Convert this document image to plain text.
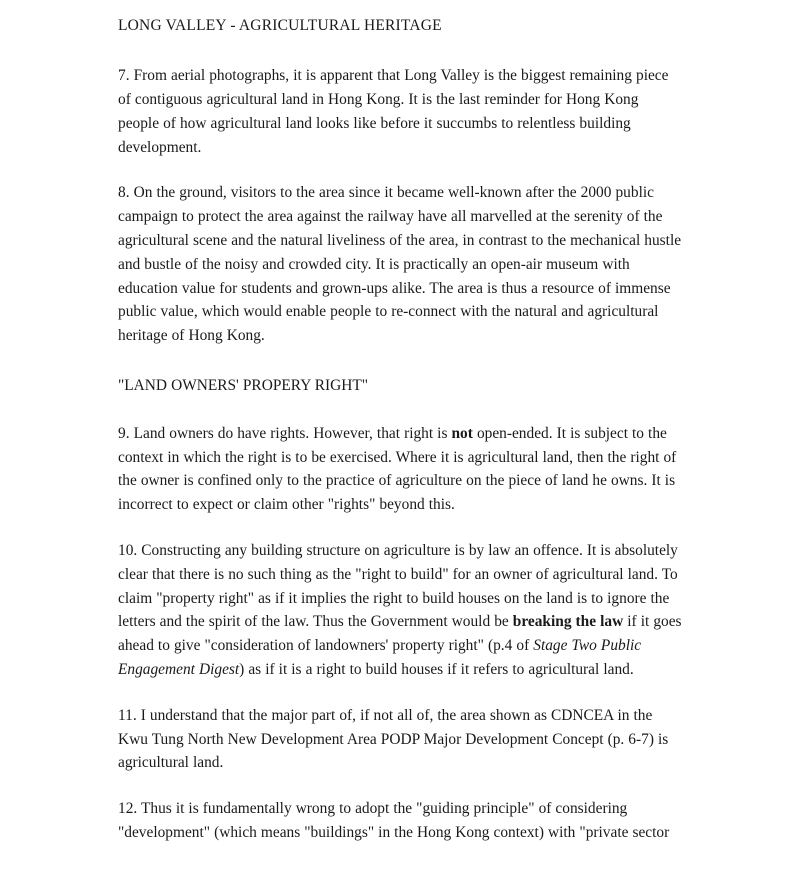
LONG VALLEY - AGRICULTURAL HERITAGE

7. From aerial photographs, it is apparent that Long Valley is the biggest remaining piece of contiguous agricultural land in Hong Kong. It is the last reminder for Hong Kong people of how agricultural land looks like before it succumbs to relentless building development.

8. On the ground, visitors to the area since it became well-known after the 2000 public campaign to protect the area against the railway have all marvelled at the serenity of the agricultural scene and the natural liveliness of the area, in contrast to the mechanical hustle and bustle of the noisy and crowded city. It is practically an open-air museum with education value for students and grown-ups alike. The area is thus a resource of immense public value, which would enable people to re-connect with the natural and agricultural heritage of Hong Kong.

"LAND OWNERS' PROPERY RIGHT"

9. Land owners do have rights. However, that right is not open-ended. It is subject to the context in which the right is to be exercised. Where it is agricultural land, then the right of the owner is confined only to the practice of agriculture on the piece of land he owns. It is incorrect to expect or claim other "rights" beyond this.

10. Constructing any building structure on agriculture is by law an offence. It is absolutely clear that there is no such thing as the "right to build" for an owner of agricultural land. To claim "property right" as if it implies the right to build houses on the land is to ignore the letters and the spirit of the law. Thus the Government would be breaking the law if it goes ahead to give "consideration of landowners' property right" (p.4 of Stage Two Public Engagement Digest) as if it is a right to build houses if it refers to agricultural land.

11. I understand that the major part of, if not all of, the area shown as CDNCEA in the Kwu Tung North New Development Area PODP Major Development Concept (p. 6-7) is agricultural land.

12. Thus it is fundamentally wrong to adopt the "guiding principle" of considering "development" (which means "buildings" in the Hong Kong context) with "private sector
